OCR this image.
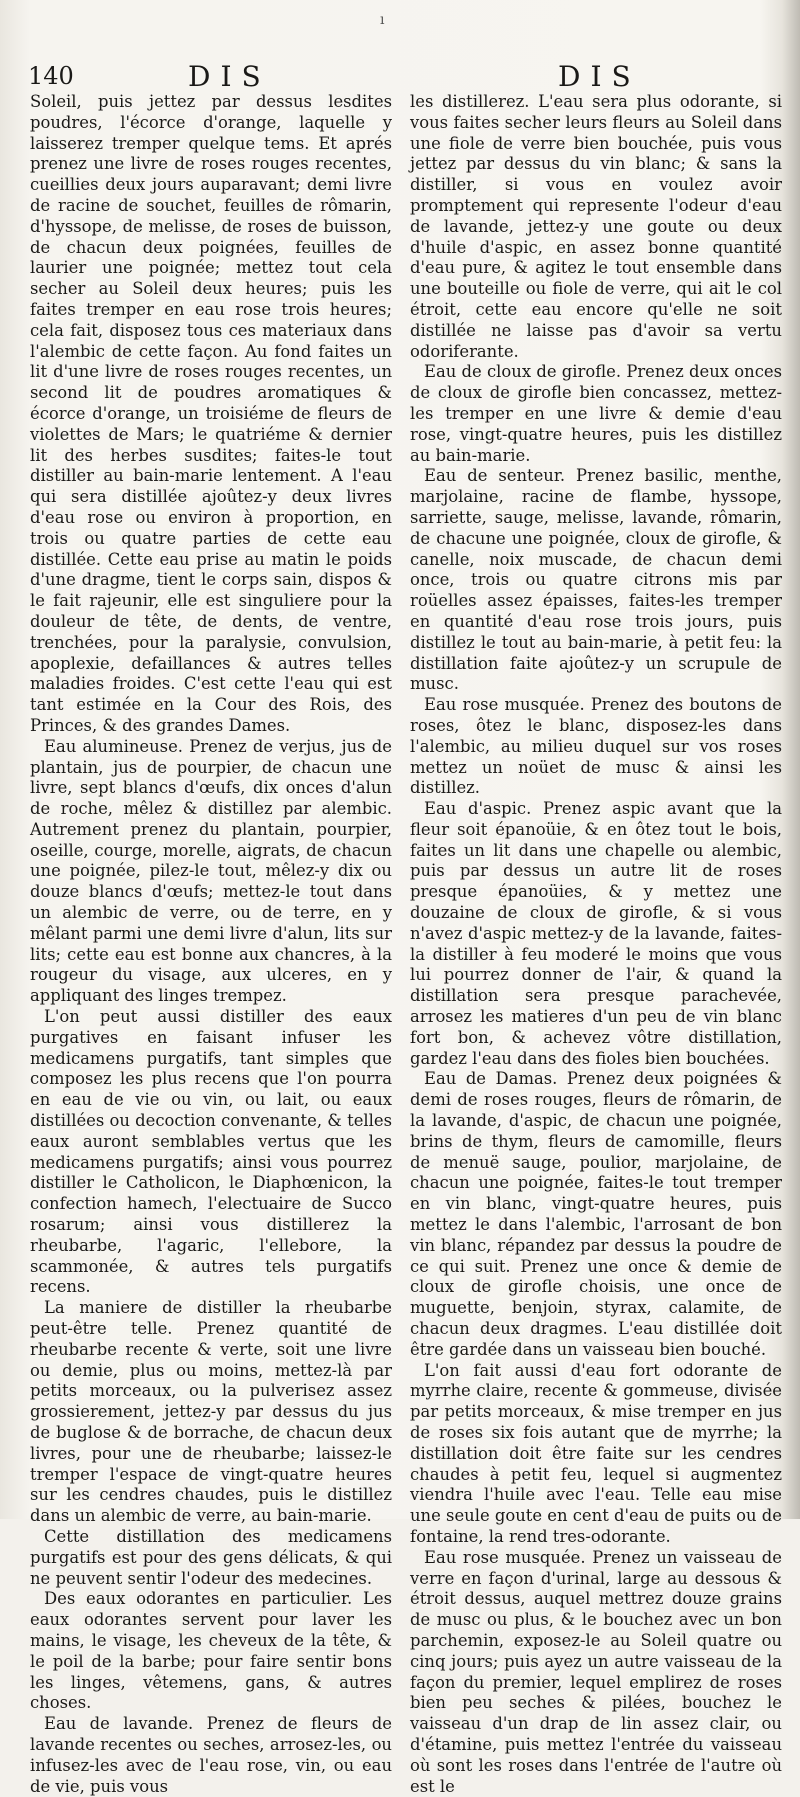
ı
140	DIS	DIS

Soleil, puis jettez par dessus lesdites poudres, l'écorce d'orange, laquelle y laisserez tremper quelque tems. Et aprés prenez une livre de roses rouges recentes, cueillies deux jours auparavant; demi livre de racine de souchet, feuilles de rômarin, d'hyssope, de melisse, de roses de buisson, de chacun deux poignées, feuilles de laurier une poignée; mettez tout cela secher au Soleil deux heures; puis les faites tremper en eau rose trois heures; cela fait, disposez tous ces materiaux dans l'alembic de cette façon. Au fond faites un lit d'une livre de roses rouges recentes, un second lit de poudres aromatiques & écorce d'orange, un troisiéme de fleurs de violettes de Mars; le quatriéme & dernier lit des herbes susdites; faites-le tout distiller au bain-marie lentement. A l'eau qui sera distillée ajoûtez-y deux livres d'eau rose ou environ à proportion, en trois ou quatre parties de cette eau distillée. Cette eau prise au matin le poids d'une dragme, tient le corps sain, dispos & le fait rajeunir, elle est singuliere pour la douleur de tête, de dents, de ventre, trenchées, pour la paralysie, convulsion, apoplexie, defaillances & autres telles maladies froides. C'est cette l'eau qui est tant estimée en la Cour des Rois, des Princes, & des grandes Dames.

Eau alumineuse. Prenez de verjus, jus de plantain, jus de pourpier, de chacun une livre, sept blancs d'œufs, dix onces d'alun de roche, mêlez & distillez par alembic. Autrement prenez du plantain, pourpier, oseille, courge, morelle, aigrats, de chacun une poignée, pilez-le tout, mêlez-y dix ou douze blancs d'œufs; mettez-le tout dans un alembic de verre, ou de terre, en y mêlant parmi une demi livre d'alun, lits sur lits; cette eau est bonne aux chancres, à la rougeur du visage, aux ulceres, en y appliquant des linges trempez.

L'on peut aussi distiller des eaux purgatives en faisant infuser les medicamens purgatifs, tant simples que composez les plus recens que l'on pourra en eau de vie ou vin, ou lait, ou eaux distillées ou decoction convenante, & telles eaux auront semblables vertus que les medicamens purgatifs; ainsi vous pourrez distiller le Catholicon, le Diaphœnicon, la confection hamech, l'electuaire de Succo rosarum; ainsi vous distillerez la rheubarbe, l'agaric, l'ellebore, la scammonée, & autres tels purgatifs recens.

La maniere de distiller la rheubarbe peut-être telle. Prenez quantité de rheubarbe recente & verte, soit une livre ou demie, plus ou moins, mettez-là par petits morceaux, ou la pulverisez assez grossierement, jettez-y par dessus du jus de buglose & de borrache, de chacun deux livres, pour une de rheubarbe; laissez-le tremper l'espace de vingt-quatre heures sur les cendres chaudes, puis le distillez dans un alembic de verre, au bain-marie.

Cette distillation des medicamens purgatifs est pour des gens délicats, & qui ne peuvent sentir l'odeur des medecines.

Des eaux odorantes en particulier. Les eaux odorantes servent pour laver les mains, le visage, les cheveux de la tête, & le poil de la barbe; pour faire sentir bons les linges, vêtemens, gans, & autres choses.

Eau de lavande. Prenez de fleurs de lavande recentes ou seches, arrosez-les, ou infusez-les avec de l'eau rose, vin, ou eau de vie, puis vous

les distillerez. L'eau sera plus odorante, si vous faites secher leurs fleurs au Soleil dans une fiole de verre bien bouchée, puis vous jettez par dessus du vin blanc; & sans la distiller, si vous en voulez avoir promptement qui represente l'odeur d'eau de lavande, jettez-y une goute ou deux d'huile d'aspic, en assez bonne quantité d'eau pure, & agitez le tout ensemble dans une bouteille ou fiole de verre, qui ait le col étroit, cette eau encore qu'elle ne soit distillée ne laisse pas d'avoir sa vertu odoriferante.

Eau de cloux de girofle. Prenez deux onces de cloux de girofle bien concassez, mettez-les tremper en une livre & demie d'eau rose, vingt-quatre heures, puis les distillez au bain-marie.

Eau de senteur. Prenez basilic, menthe, marjolaine, racine de flambe, hyssope, sarriette, sauge, melisse, lavande, rômarin, de chacune une poignée, cloux de girofle, & canelle, noix muscade, de chacun demi once, trois ou quatre citrons mis par roüelles assez épaisses, faites-les tremper en quantité d'eau rose trois jours, puis distillez le tout au bain-marie, à petit feu: la distillation faite ajoûtez-y un scrupule de musc.

Eau rose musquée. Prenez des boutons de roses, ôtez le blanc, disposez-les dans l'alembic, au milieu duquel sur vos roses mettez un noüet de musc & ainsi les distillez.

Eau d'aspic. Prenez aspic avant que la fleur soit épanoüie, & en ôtez tout le bois, faites un lit dans une chapelle ou alembic, puis par dessus un autre lit de roses presque épanoüies, & y mettez une douzaine de cloux de girofle, & si vous n'avez d'aspic mettez-y de la lavande, faites-la distiller à feu moderé le moins que vous lui pourrez donner de l'air, & quand la distillation sera presque parachevée, arrosez les matieres d'un peu de vin blanc fort bon, & achevez vôtre distillation, gardez l'eau dans des fioles bien bouchées.

Eau de Damas. Prenez deux poignées & demi de roses rouges, fleurs de rômarin, de la lavande, d'aspic, de chacun une poignée, brins de thym, fleurs de camomille, fleurs de menuë sauge, poulior, marjolaine, de chacun une poignée, faites-le tout tremper en vin blanc, vingt-quatre heures, puis mettez le dans l'alembic, l'arrosant de bon vin blanc, répandez par dessus la poudre de ce qui suit. Prenez une once & demie de cloux de girofle choisis, une once de muguette, benjoin, styrax, calamite, de chacun deux dragmes. L'eau distillée doit être gardée dans un vaisseau bien bouché.

L'on fait aussi d'eau fort odorante de myrrhe claire, recente & gommeuse, divisée par petits morceaux, & mise tremper en jus de roses six fois autant que de myrrhe; la distillation doit être faite sur les cendres chaudes à petit feu, lequel si augmentez viendra l'huile avec l'eau. Telle eau mise une seule goute en cent d'eau de puits ou de fontaine, la rend tres-odorante.

Eau rose musquée. Prenez un vaisseau de verre en façon d'urinal, large au dessous & étroit dessus, auquel mettrez douze grains de musc ou plus, & le bouchez avec un bon parchemin, exposez-le au Soleil quatre ou cinq jours; puis ayez un autre vaisseau de la façon du premier, lequel emplirez de roses bien peu seches & pilées, bouchez le vaisseau d'un drap de lin assez clair, ou d'étamine, puis mettez l'entrée du vaisseau où sont les roses dans l'entrée de l'autre où est le
